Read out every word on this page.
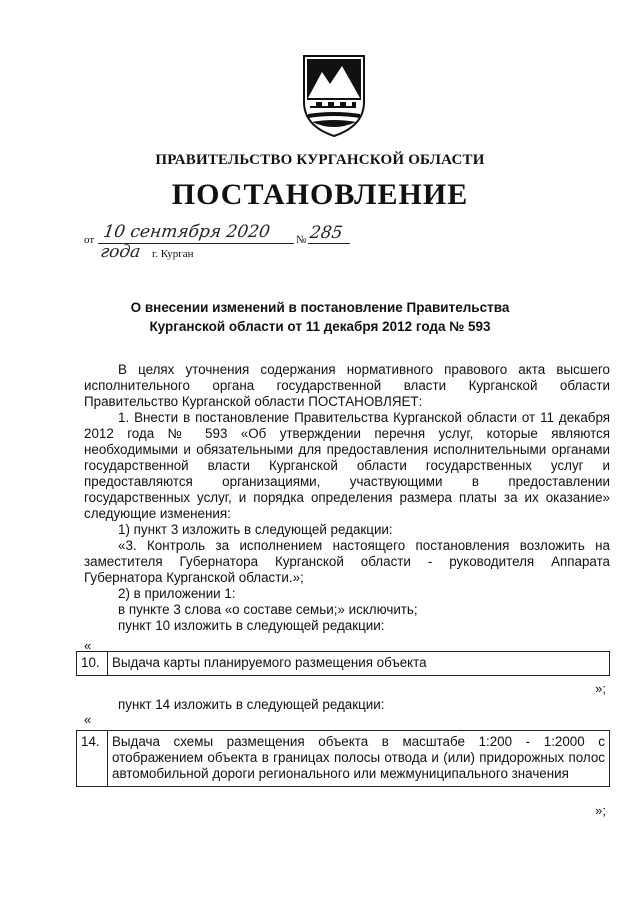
ПРАВИТЕЛЬСТВО КУРГАНСКОЙ ОБЛАСТИ
ПОСТАНОВЛЕНИЕ
от 10 сентября 2020 года
№ 285
г. Курган
О внесении изменений в постановление Правительства
Курганской области от 11 декабря 2012 года № 593

В целях уточнения содержания нормативного правового акта высшего исполнительного органа государственной власти Курганской области Правительство Курганской области ПОСТАНОВЛЯЕТ:

1. Внести в постановление Правительства Курганской области от 11 декабря 2012 года № 593 «Об утверждении перечня услуг, которые являются необходимыми и обязательными для предоставления исполнительными органами государственной власти Курганской области государственных услуг и предоставляются организациями, участвующими в предоставлении государственных услуг, и порядка определения размера платы за их оказание» следующие изменения:

1) пункт 3 изложить в следующей редакции:

«3. Контроль за исполнением настоящего постановления возложить на заместителя Губернатора Курганской области - руководителя Аппарата Губернатора Курганской области.»;

2) в приложении 1:

в пункте 3 слова «о составе семьи;» исключить;

пункт 10 изложить в следующей редакции:

«
10.	Выдача карты планируемого размещения объекта
»;
пункт 14 изложить в следующей редакции:
«
14.	Выдача схемы размещения объекта в масштабе 1:200 - 1:2000 с отображением объекта в границах полосы отвода и (или) придорожных полос автомобильной дороги регионального или межмуниципального значения
»;
